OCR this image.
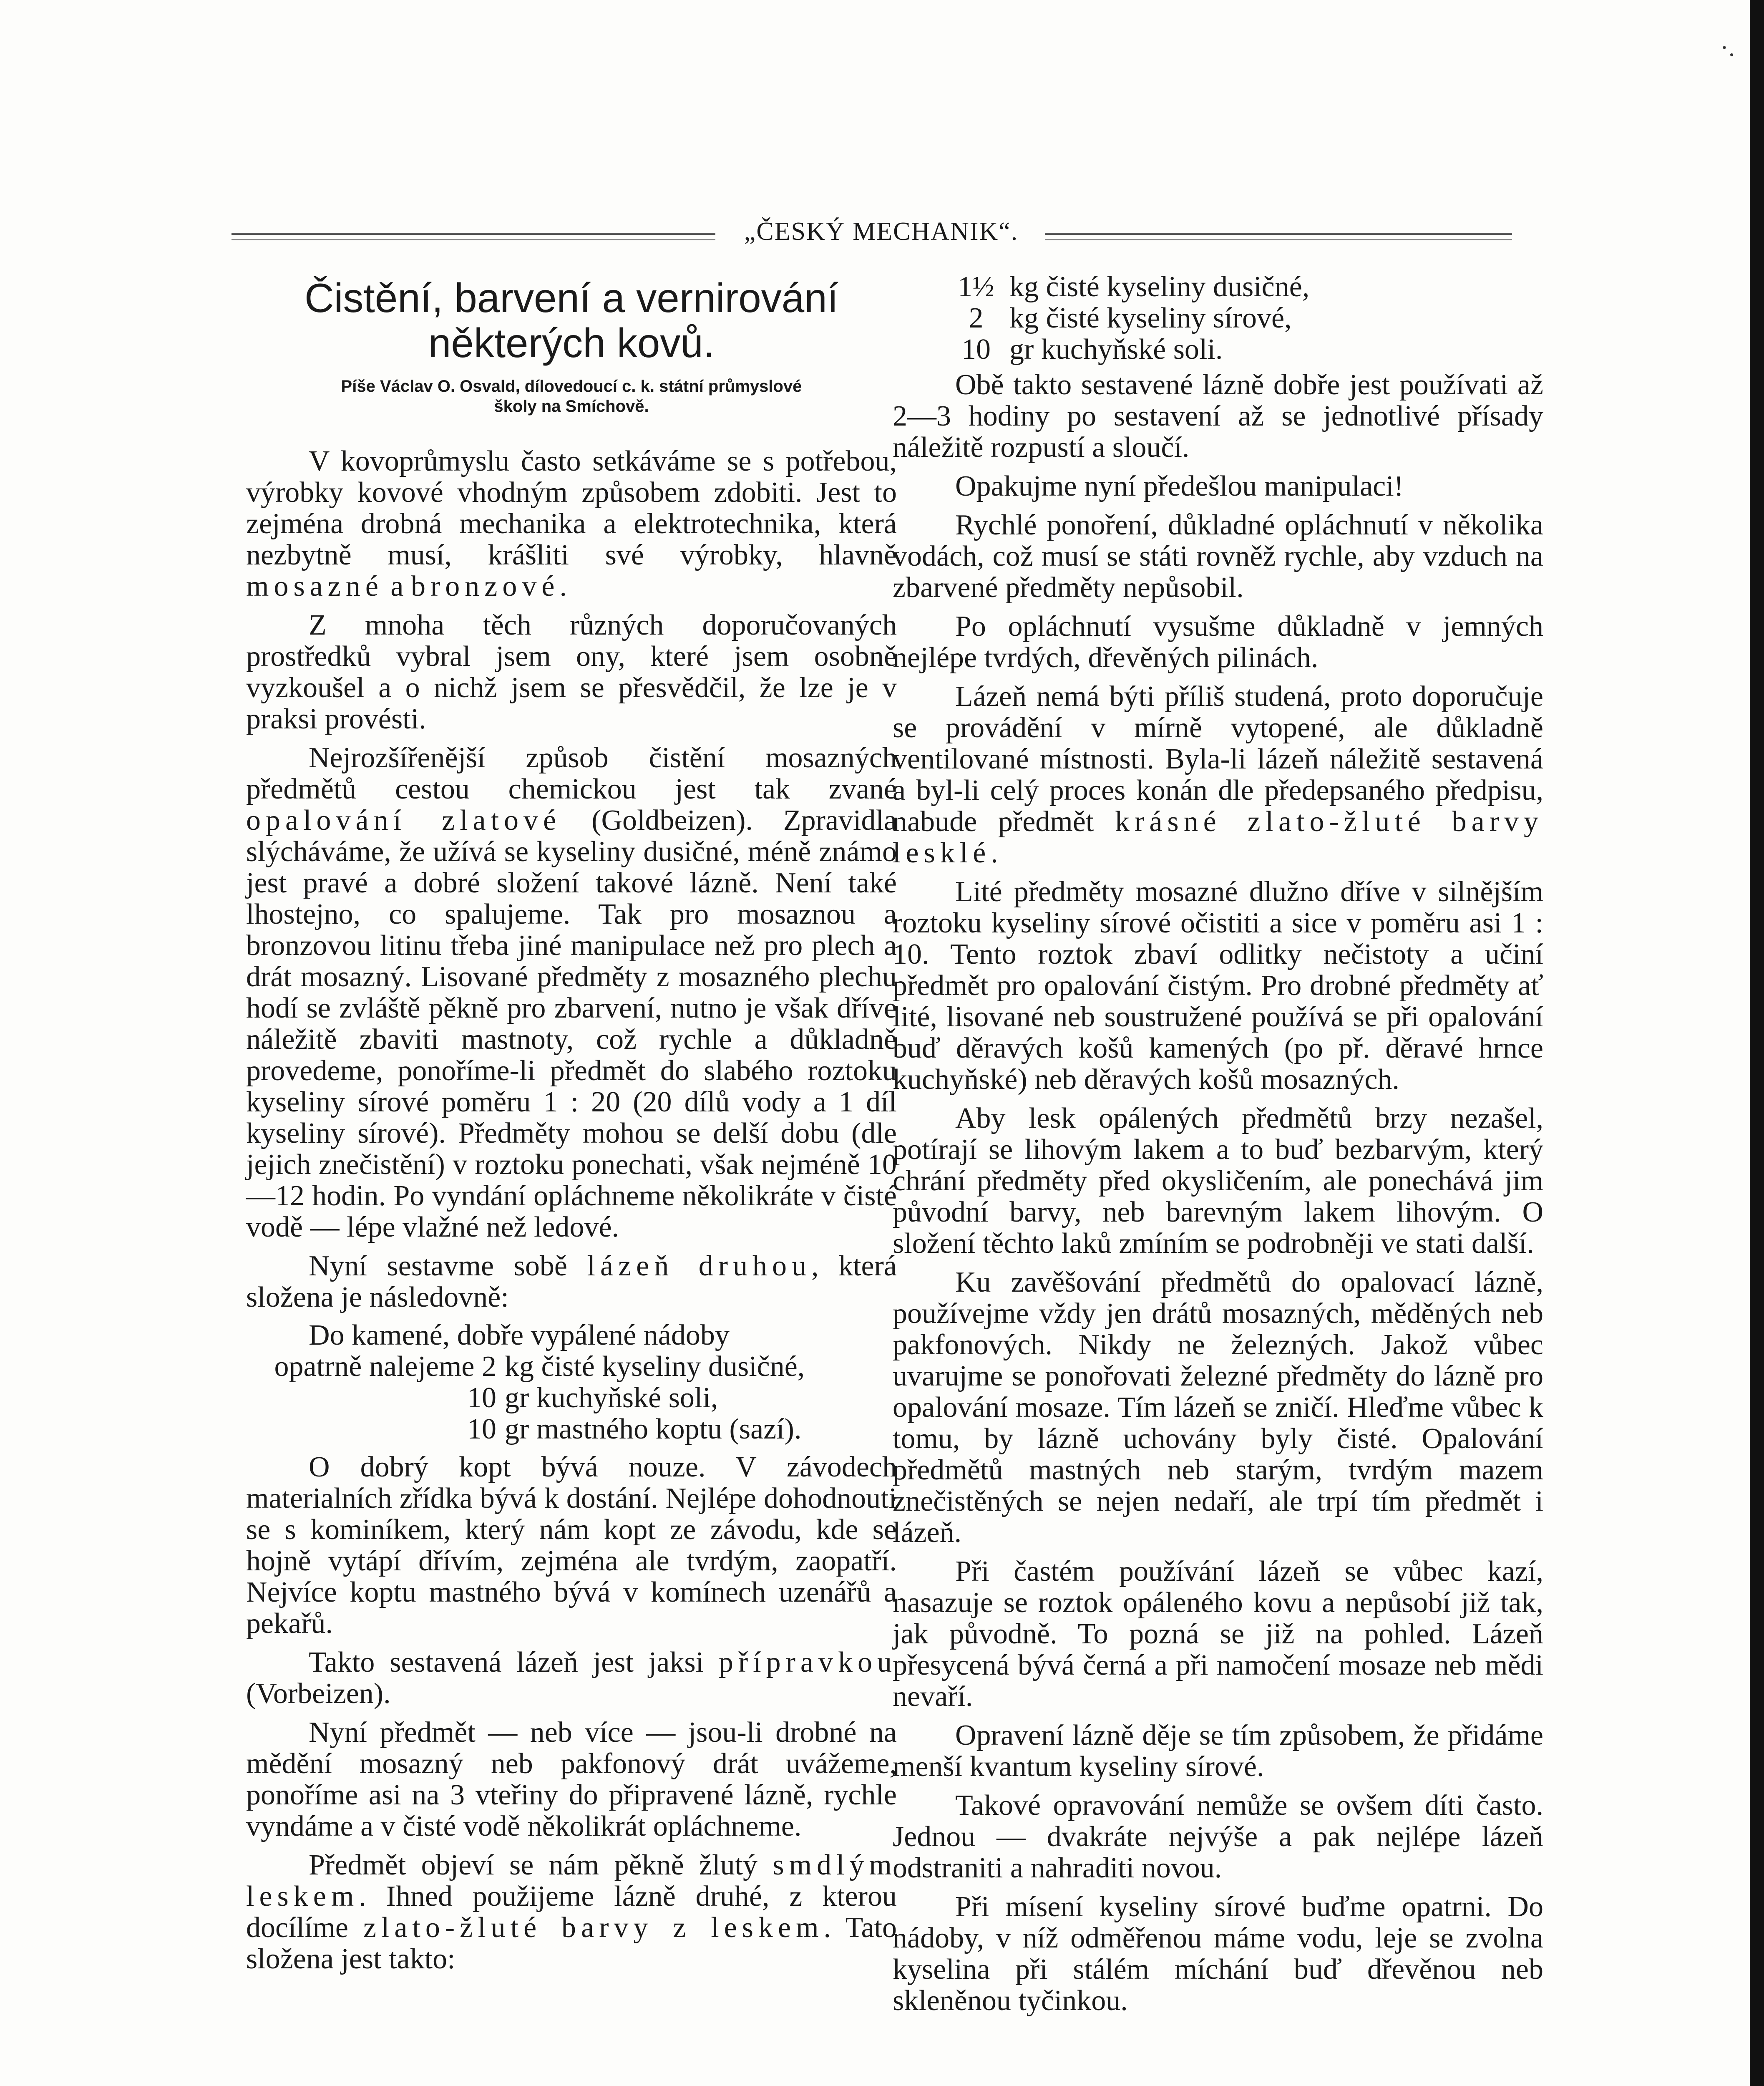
·.
„ČESKÝ MECHANIK“.
Čistění, barvení a vernirování
některých kovů.
Píše Václav O. Osvald, dílovedoucí c. k. státní průmyslové
školy na Smíchově.

V kovoprůmyslu často setkáváme se s potřebou, výrobky kovové vhodným způsobem zdobiti. Jest to zejména drobná mechanika a elektrotechnika, která nezbytně musí, krášliti své výrobky, hlavně mosazné a bronzové.

Z mnoha těch různých doporučovaných prostředků vybral jsem ony, které jsem osobně vyzkoušel a o nichž jsem se přesvědčil, že lze je v praksi provésti.

Nejrozšířenější způsob čistění mosazných předmětů cestou chemickou jest tak zvané opalování zlatové (Goldbeizen). Zpravidla slýcháváme, že užívá se kyseliny dusičné, méně známo jest pravé a dobré složení takové lázně. Není také lhostejno, co spalujeme. Tak pro mosaznou a bronzovou litinu třeba jiné manipulace než pro plech a drát mosazný. Lisované předměty z mosazného plechu hodí se zvláště pěkně pro zbarvení, nutno je však dříve náležitě zbaviti mastnoty, což rychle a důkladně provedeme, ponoříme-li předmět do slabého roztoku kyseliny sírové poměru 1 : 20 (20 dílů vody a 1 díl kyseliny sírové). Předměty mohou se delší dobu (dle jejich znečistění) v roztoku ponechati, však nejméně 10—12 hodin. Po vyndání opláchneme několikráte v čisté vodě — lépe vlažné než ledové.

Nyní sestavme sobě lázeň druhou, která složena je následovně:

Do kamené, dobře vypálené nádoby
opatrně nalejeme 2 kg čisté kyseliny dusičné,
10 gr kuchyňské soli,
10 gr mastného koptu (sazí).

O dobrý kopt bývá nouze. V závodech materialních zřídka bývá k dostání. Nejlépe dohodnouti se s kominíkem, který nám kopt ze závodu, kde se hojně vytápí dřívím, zejména ale tvrdým, zaopatří. Nejvíce koptu mastného bývá v komínech uzenářů a pekařů.

Takto sestavená lázeň jest jaksi přípravkou (Vorbeizen).

Nyní předmět — neb více — jsou-li drobné na mědění mosazný neb pakfonový drát uvážeme, ponoříme asi na 3 vteřiny do připravené lázně, rychle vyndáme a v čisté vodě několikrát opláchneme.

Předmět objeví se nám pěkně žlutý smdlým leskem. Ihned použijeme lázně druhé, z kterou docílíme zlato-žluté barvy z leskem. Tato složena jest takto:

1½ kg čisté kyseliny dusičné,
2 kg čisté kyseliny sírové,
10 gr kuchyňské soli.

Obě takto sestavené lázně dobře jest používati až 2—3 hodiny po sestavení až se jednotlivé přísady náležitě rozpustí a sloučí.

Opakujme nyní předešlou manipulaci!

Rychlé ponoření, důkladné opláchnutí v několika vodách, což musí se státi rovněž rychle, aby vzduch na zbarvené předměty nepůsobil.

Po opláchnutí vysušme důkladně v jemných nejlépe tvrdých, dřevěných pilinách.

Lázeň nemá býti příliš studená, proto doporučuje se provádění v mírně vytopené, ale důkladně ventilované místnosti. Byla-li lázeň náležitě sestavená a byl-li celý proces konán dle předepsaného předpisu, nabude předmět krásné zlato-žluté barvy lesklé.

Lité předměty mosazné dlužno dříve v silnějším roztoku kyseliny sírové očistiti a sice v poměru asi 1 : 10. Tento roztok zbaví odlitky nečistoty a učiní předmět pro opalování čistým. Pro drobné předměty ať lité, lisované neb soustružené používá se při opalování buď děravých košů kamených (po př. děravé hrnce kuchyňské) neb děravých košů mosazných.

Aby lesk opálených předmětů brzy nezašel, potírají se lihovým lakem a to buď bezbarvým, který chrání předměty před okysličením, ale ponechává jim původní barvy, neb barevným lakem lihovým. O složení těchto laků zmíním se podrobněji ve stati další.

Ku zavěšování předmětů do opalovací lázně, používejme vždy jen drátů mosazných, měděných neb pakfonových. Nikdy ne železných. Jakož vůbec uvarujme se ponořovati železné předměty do lázně pro opalování mosaze. Tím lázeň se zničí. Hleďme vůbec k tomu, by lázně uchovány byly čisté. Opalování předmětů mastných neb starým, tvrdým mazem znečistěných se nejen nedaří, ale trpí tím předmět i lázeň.

Při častém používání lázeň se vůbec kazí, nasazuje se roztok opáleného kovu a nepůsobí již tak, jak původně. To pozná se již na pohled. Lázeň přesycená bývá černá a při namočení mosaze neb mědi nevaří.

Opravení lázně děje se tím způsobem, že přidáme menší kvantum kyseliny sírové.

Takové opravování nemůže se ovšem díti často. Jednou — dvakráte nejvýše a pak nejlépe lázeň odstraniti a nahraditi novou.

Při mísení kyseliny sírové buďme opatrni. Do nádoby, v níž odměřenou máme vodu, leje se zvolna kyselina při stálém míchání buď dřevěnou neb skleněnou tyčinkou.
